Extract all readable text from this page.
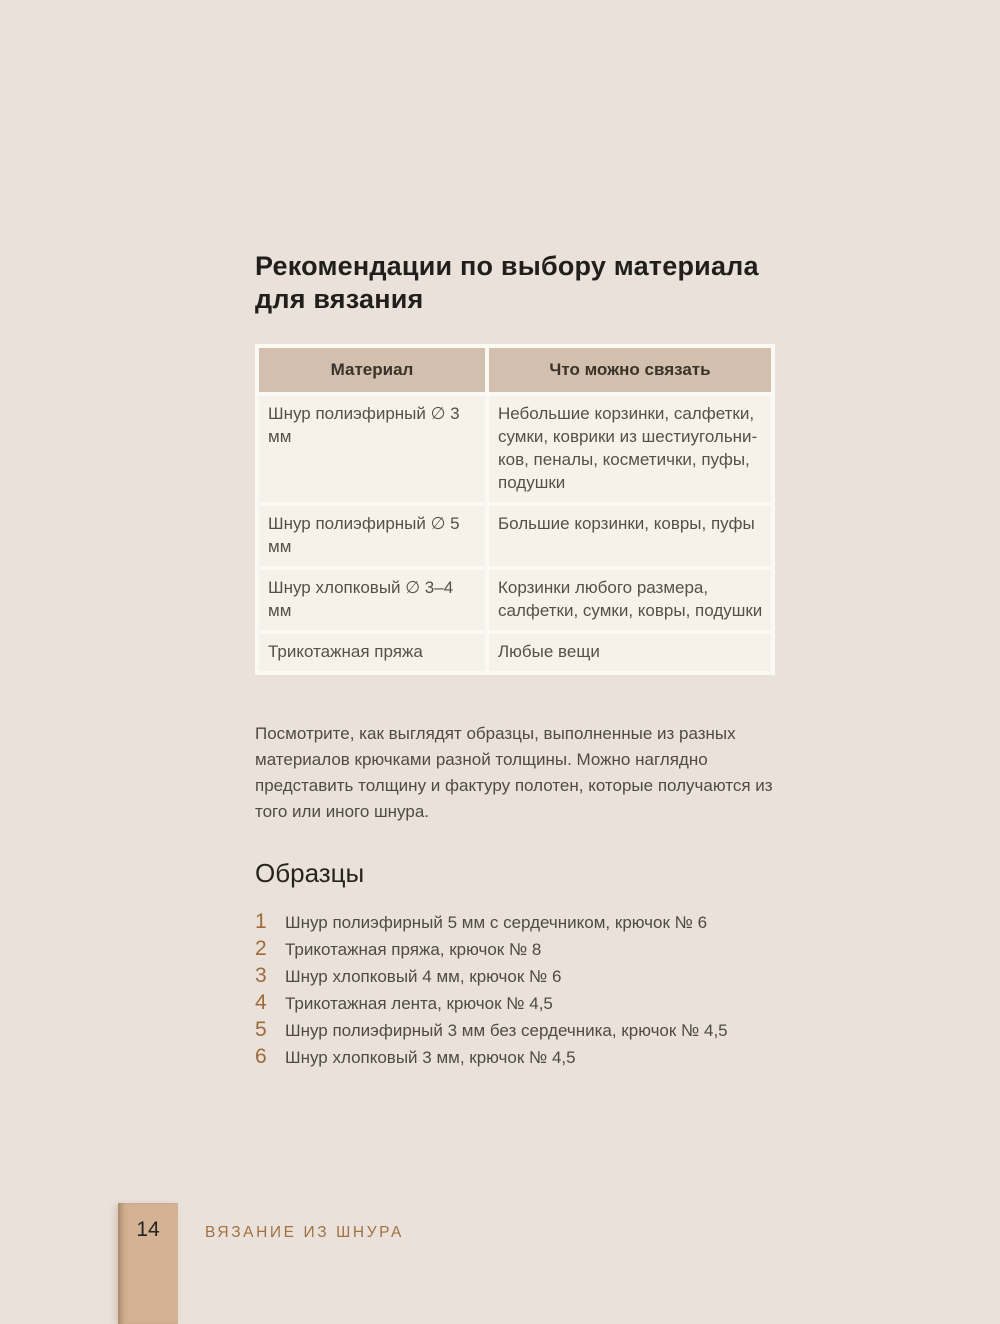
Рекомендации по выбору материала для вязания
Материал	Что можно связать
Шнур полиэфирный ∅ 3 мм	Небольшие корзинки, салфетки, сумки, коврики из шестиугольников, пеналы, косметички, пуфы, подушки
Шнур полиэфирный ∅ 5 мм	Большие корзинки, ковры, пуфы
Шнур хлопковый ∅ 3–4 мм	Корзинки любого размера, салфетки, сумки, ковры, подушки
Трикотажная пряжа	Любые вещи

Посмотрите, как выглядят образцы, выполненные из разных материалов крючками разной толщины. Можно наглядно представить толщину и фактуру полотен, которые получаются из того или иного шнура.

Образцы
1	Шнур полиэфирный 5 мм с сердечником, крючок № 6
2	Трикотажная пряжа, крючок № 8
3	Шнур хлопковый 4 мм, крючок № 6
4	Трикотажная лента, крючок № 4,5
5	Шнур полиэфирный 3 мм без сердечника, крючок № 4,5
6	Шнур хлопковый 3 мм, крючок № 4,5
14	ВЯЗАНИЕ ИЗ ШНУРА
